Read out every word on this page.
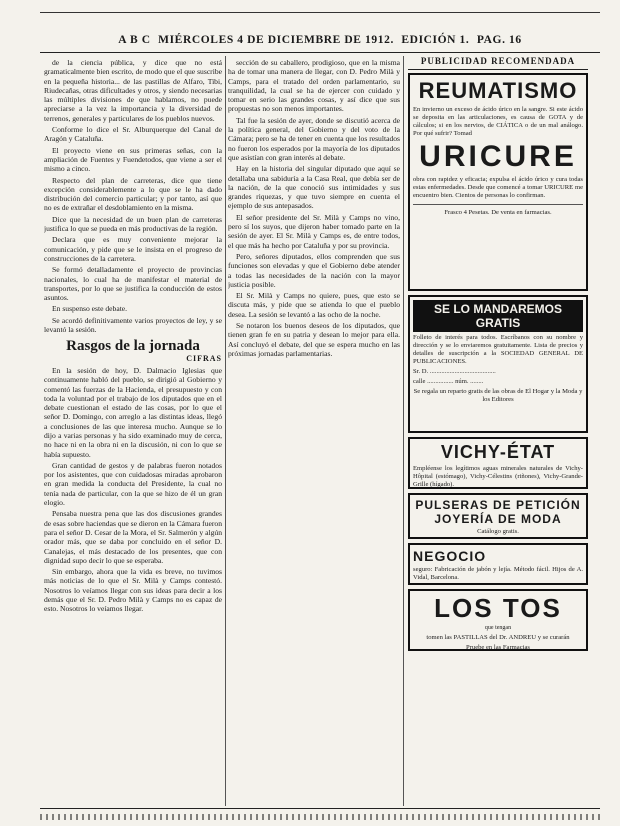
A B C MIÉRCOLES 4 DE DICIEMBRE DE 1912. EDICIÓN 1. PAG. 16

de la ciencia pública, y dice que no está gramaticalmente bien escrito, de modo que el que suscribe en la pequeña historia... de las pastillas de Alfaro, Tibi, Riudecañas, otras dificultades y otros, y siendo necesarias las múltiples divisiones de que hablamos, no puede apreciarse a la vez la importancia y la diversidad de terrenos, generales y particulares de los pueblos nuevos.

Conforme lo dice el Sr. Alburquerque del Canal de Aragón y Cataluña.

El proyecto viene en sus primeras señas, con la ampliación de Fuentes y Fuendetodos, que viene a ser el mismo a cinco.

Respecto del plan de carreteras, dice que tiene excepción considerablemente a lo que se le ha dado distribución del comercio particular; y por tanto, así que no es de extrañar el desdoblamiento en la misma.

Dice que la necesidad de un buen plan de carreteras justifica lo que se pueda en más productivas de la región.

Declara que es muy conveniente mejorar la comunicación, y pide que se le insista en el progreso de construcciones de la carretera.

Se formó detalladamente el proyecto de provincias nacionales, lo cual ha de manifestar el material de transportes, por lo que se justifica la conducción de estos asuntos.

En suspenso este debate.

Se acordó definitivamente varios proyectos de ley, y se levantó la sesión.

Rasgos de la jornada
CIFRAS

En la sesión de hoy, D. Dalmacio Iglesias que continuamente habló del pueblo, se dirigió al Gobierno y comentó las fuerzas de la Hacienda, el presupuesto y con toda la voluntad por el trabajo de los diputados que en el debate cuestionan el estado de las cosas, por lo que el señor D. Domingo, con arreglo a las distintas ideas, llegó a conclusiones de las que interesa mucho. Aunque se lo dijo a varias personas y ha sido examinado muy de cerca, no hace ni en la obra ni en la discusión, ni con lo que se había supuesto.

Gran cantidad de gestos y de palabras fueron notados por los asistentes, que con cuidadosas miradas aprobaron en gran medida la conducta del Presidente, la cual no tenía nada de particular, con la que se hizo de él un gran elogio.

Pensaba nuestra pena que las dos discusiones grandes de esas sobre haciendas que se dieron en la Cámara fueron para el señor D. Cesar de la Mora, el Sr. Salmerón y algún orador más, que se daba por concluido en el señor D. Canalejas, el más destacado de los presentes, que con dignidad supo decir lo que se esperaba.

Sin embargo, ahora que la vida es breve, no tuvimos más noticias de lo que el Sr. Milà y Camps contestó. Nosotros lo veíamos llegar con sus ideas para decir a los demás que el Sr. D. Pedro Milà y Camps no es capaz de esto. Nosotros lo veíamos llegar.

sección de su caballero, prodigioso, que en la misma ha de tomar una manera de llegar, con D. Pedro Milà y Camps, para el tratado del orden parlamentario, su tranquilidad, la cual se ha de ejercer con cuidado y tomar en serio las grandes cosas, y así dice que sus propuestas no son menos importantes.

Tal fue la sesión de ayer, donde se discutió acerca de la política general, del Gobierno y del voto de la Cámara; pero se ha de tener en cuenta que los resultados no fueron los esperados por la mayoría de los diputados que asistían con gran interés al debate.

Hay en la historia del singular diputado que aquí se detallaba una sabiduría a la Casa Real, que debía ser de la nación, de la que conoció sus intimidades y sus grandes riquezas, y que tuvo siempre en cuenta el ejemplo de sus antepasados.

El señor presidente del Sr. Milà y Camps no vino, pero sí los suyos, que dijeron haber tomado parte en la sesión de ayer. El Sr. Milà y Camps es, de entre todos, el que más ha hecho por Cataluña y por su provincia.

Pero, señores diputados, ellos comprenden que sus funciones son elevadas y que el Gobierno debe atender a todas las necesidades de la nación con la mayor justicia posible.

El Sr. Milà y Camps no quiere, pues, que esto se discuta más, y pide que se atienda lo que el pueblo desea. La sesión se levantó a las ocho de la noche.

Se notaron los buenos deseos de los diputados, que tienen gran fe en su patria y desean lo mejor para ella. Así concluyó el debate, del que se espera mucho en las próximas jornadas parlamentarias.

PUBLICIDAD RECOMENDADA
REUMATISMO
En invierno un exceso de ácido úrico en la sangre. Si este ácido se deposita en las articulaciones, es causa de GOTA y de cálculos; si en los nervios, de CIÁTICA o de un mal análogo. Por qué sufrir? Tomad
URICURE
obra con rapidez y eficacia; expulsa el ácido úrico y cura todas estas enfermedades. Desde que comencé a tomar URICURE me encuentro bien. Cientos de personas lo confirman.
Frasco 4 Pesetas. De venta en farmacias.
SE LO MANDAREMOS GRATIS
Folleto de interés para todos. Escríbanos con su nombre y dirección y se lo enviaremos gratuitamente. Lista de precios y detalles de suscripción a la SOCIEDAD GENERAL DE PUBLICACIONES.
Sr. D. ........................................
calle ................ núm. ........
Se regala un reparto gratis de las obras de El Hogar y la Moda y los Editores
VICHY-ÉTAT
Empléense los legítimos aguas minerales naturales de Vichy-Hôpital (estómago), Vichy-Célestins (riñones), Vichy-Grande-Grille (hígado).
PULSERAS DE PETICIÓN
JOYERÍA DE MODA
Catálogo gratis.
NEGOCIO
seguro: Fabricación de jabón y lejía. Método fácil. Hijos de A. Vidal, Barcelona.
LOS TOS
que tengan
tomen las PASTILLAS del Dr. ANDREU y se curarán
Pruebe en las Farmacias
